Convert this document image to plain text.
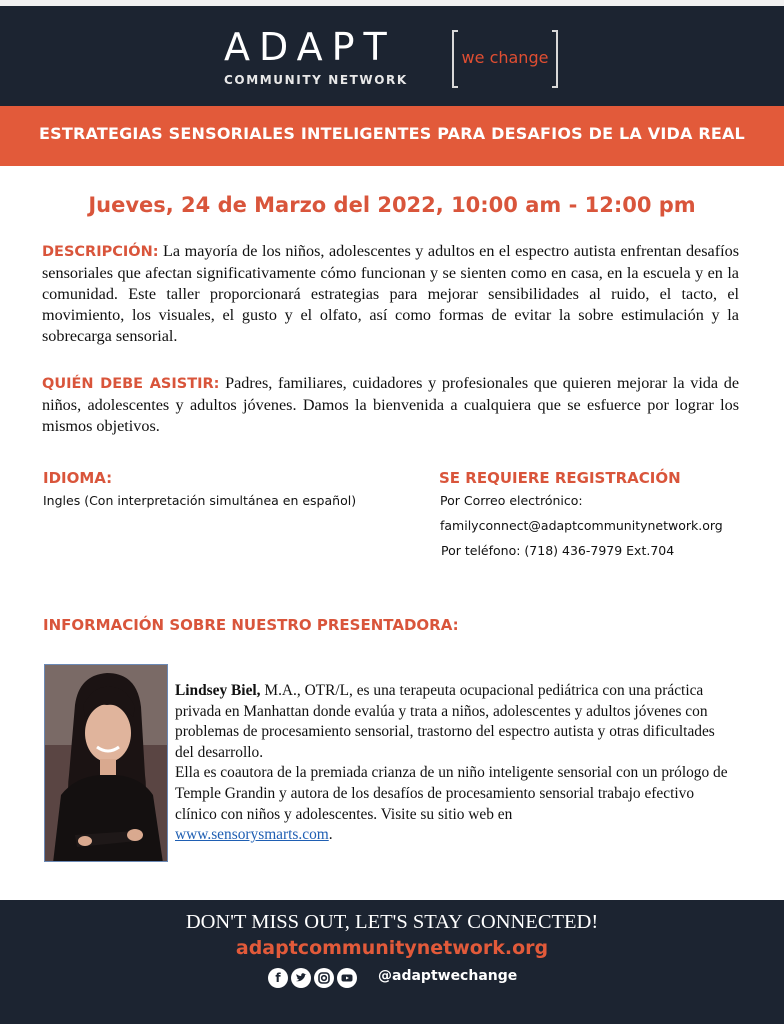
ADAPT
COMMUNITY NETWORK
we change
ESTRATEGIAS SENSORIALES INTELIGENTES PARA DESAFIOS DE LA VIDA REAL
Jueves, 24 de Marzo del 2022, 10:00 am - 12:00 pm
DESCRIPCIÓN: La mayoría de los niños, adolescentes y adultos en el espectro autista enfrentan desafíos sensoriales que afectan significativamente cómo funcionan y se sienten como en casa, en la escuela y en la comunidad. Este taller proporcionará estrategias para mejorar sensibilidades al ruido, el tacto, el movimiento, los visuales, el gusto y el olfato, así como formas de evitar la sobre estimulación y la sobrecarga sensorial.
QUIÉN DEBE ASISTIR: Padres, familiares, cuidadores y profesionales que quieren mejorar la vida de niños, adolescentes y adultos jóvenes. Damos la bienvenida a cualquiera que se esfuerce por lograr los mismos objetivos.
IDIOMA:
Ingles (Con interpretación simultánea en español)
SE REQUIERE REGISTRACIÓN
Por Correo electrónico:
familyconnect@adaptcommunitynetwork.org
Por teléfono: (718) 436-7979 Ext.704
INFORMACIÓN SOBRE NUESTRO PRESENTADORA:
Lindsey Biel, M.A., OTR/L, es una terapeuta ocupacional pediátrica con una práctica privada en Manhattan donde evalúa y trata a niños, adolescentes y adultos jóvenes con problemas de procesamiento sensorial, trastorno del espectro autista y otras dificultades del desarrollo.
Ella es coautora de la premiada crianza de un niño inteligente sensorial con un prólogo de Temple Grandin y autora de los desafíos de procesamiento sensorial trabajo efectivo clínico con niños y adolescentes. Visite su sitio web en
www.sensorysmarts.com.
DON'T MISS OUT, LET'S STAY CONNECTED!
adaptcommunitynetwork.org
f	@adaptwechange
